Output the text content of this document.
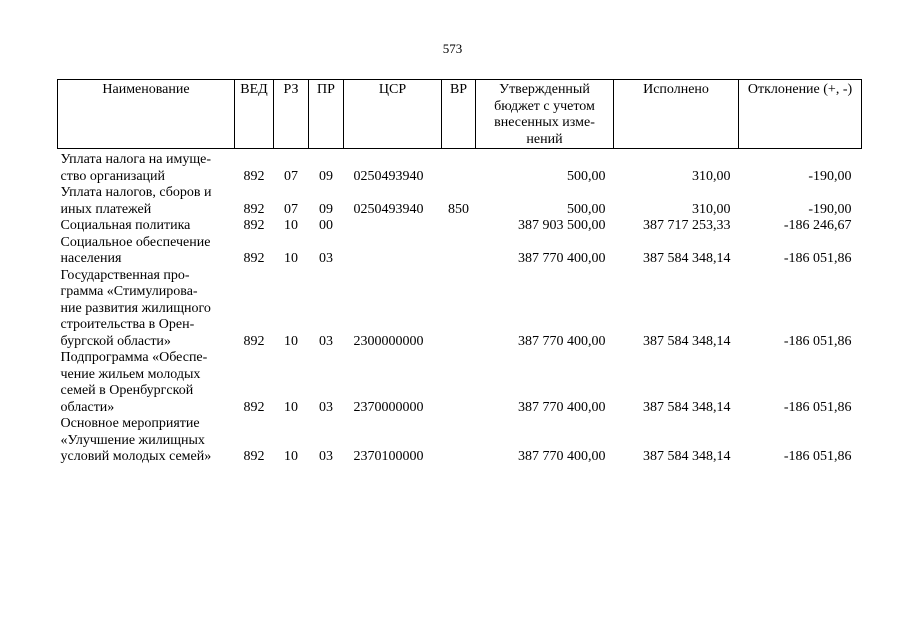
573
Наименование	ВЕД	РЗ	ПР	ЦСР	ВР	Утвержденный бюджет с учетом внесенных изме-нений	Исполнено	Отклонение (+, -)

Уплата налога на имуще-
ство организаций	892	07	09	0250493940		500,00	310,00	-190,00

Уплата налогов, сборов и
иных платежей	892	07	09	0250493940	850	500,00	310,00	-190,00

Социальная политика	892	10	00			387 903 500,00	387 717 253,33	-186 246,67

Социальное обеспечение
населения	892	10	03			387 770 400,00	387 584 348,14	-186 051,86

Государственная про-
грамма «Стимулирова-
ние развития жилищного
строительства в Орен-
бургской области»	892	10	03	2300000000		387 770 400,00	387 584 348,14	-186 051,86

Подпрограмма «Обеспе-
чение жильем молодых
семей в Оренбургской
области»	892	10	03	2370000000		387 770 400,00	387 584 348,14	-186 051,86

Основное мероприятие
«Улучшение жилищных
условий молодых семей»	892	10	03	2370100000		387 770 400,00	387 584 348,14	-186 051,86
